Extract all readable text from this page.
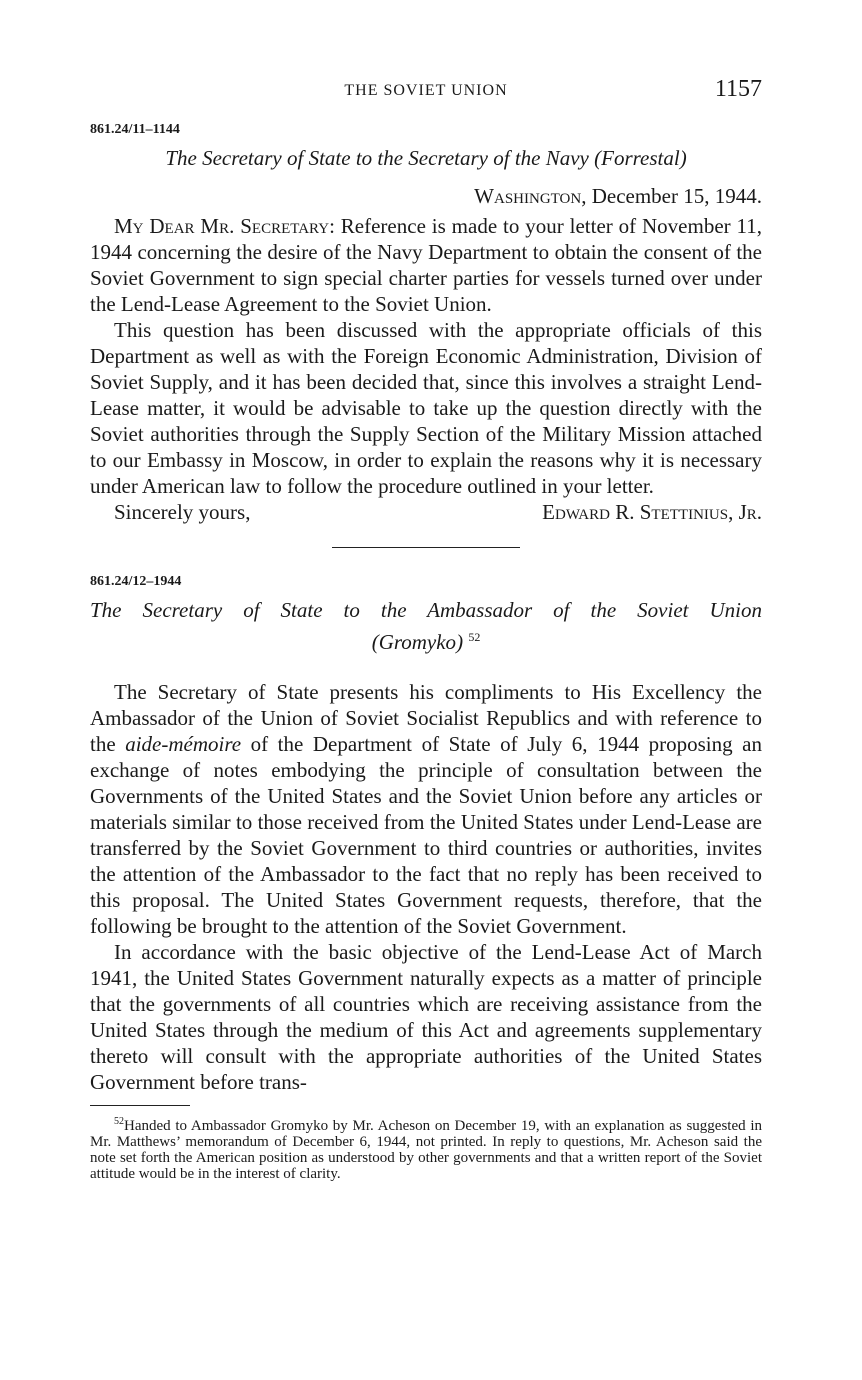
THE SOVIET UNION	1157
861.24/11–1144
The Secretary of State to the Secretary of the Navy (Forrestal)
Washington, December 15, 1944.

My Dear Mr. Secretary: Reference is made to your letter of November 11, 1944 concerning the desire of the Navy Department to obtain the consent of the Soviet Government to sign special charter parties for vessels turned over under the Lend-Lease Agreement to the Soviet Union.

This question has been discussed with the appropriate officials of this Department as well as with the Foreign Economic Administration, Division of Soviet Supply, and it has been decided that, since this involves a straight Lend-Lease matter, it would be advisable to take up the question directly with the Soviet authorities through the Supply Section of the Military Mission attached to our Embassy in Moscow, in order to explain the reasons why it is necessary under American law to follow the procedure outlined in your letter.

Sincerely yours,	Edward R. Stettinius, Jr.
861.24/12–1944
The Secretary of State to the Ambassador of the Soviet Union
(Gromyko) $^{52}$

The Secretary of State presents his compliments to His Excellency the Ambassador of the Union of Soviet Socialist Republics and with reference to the aide-mémoire of the Department of State of July 6, 1944 proposing an exchange of notes embodying the principle of consultation between the Governments of the United States and the Soviet Union before any articles or materials similar to those received from the United States under Lend-Lease are transferred by the Soviet Government to third countries or authorities, invites the attention of the Ambassador to the fact that no reply has been received to this proposal. The United States Government requests, therefore, that the following be brought to the attention of the Soviet Government.

In accordance with the basic objective of the Lend-Lease Act of March 1941, the United States Government naturally expects as a matter of principle that the governments of all countries which are receiving assistance from the United States through the medium of this Act and agreements supplementary thereto will consult with the appropriate authorities of the United States Government before trans-

$^{52}$Handed to Ambassador Gromyko by Mr. Acheson on December 19, with an explanation as suggested in Mr. Matthews’ memorandum of December 6, 1944, not printed. In reply to questions, Mr. Acheson said the note set forth the American position as understood by other governments and that a written report of the Soviet attitude would be in the interest of clarity.
